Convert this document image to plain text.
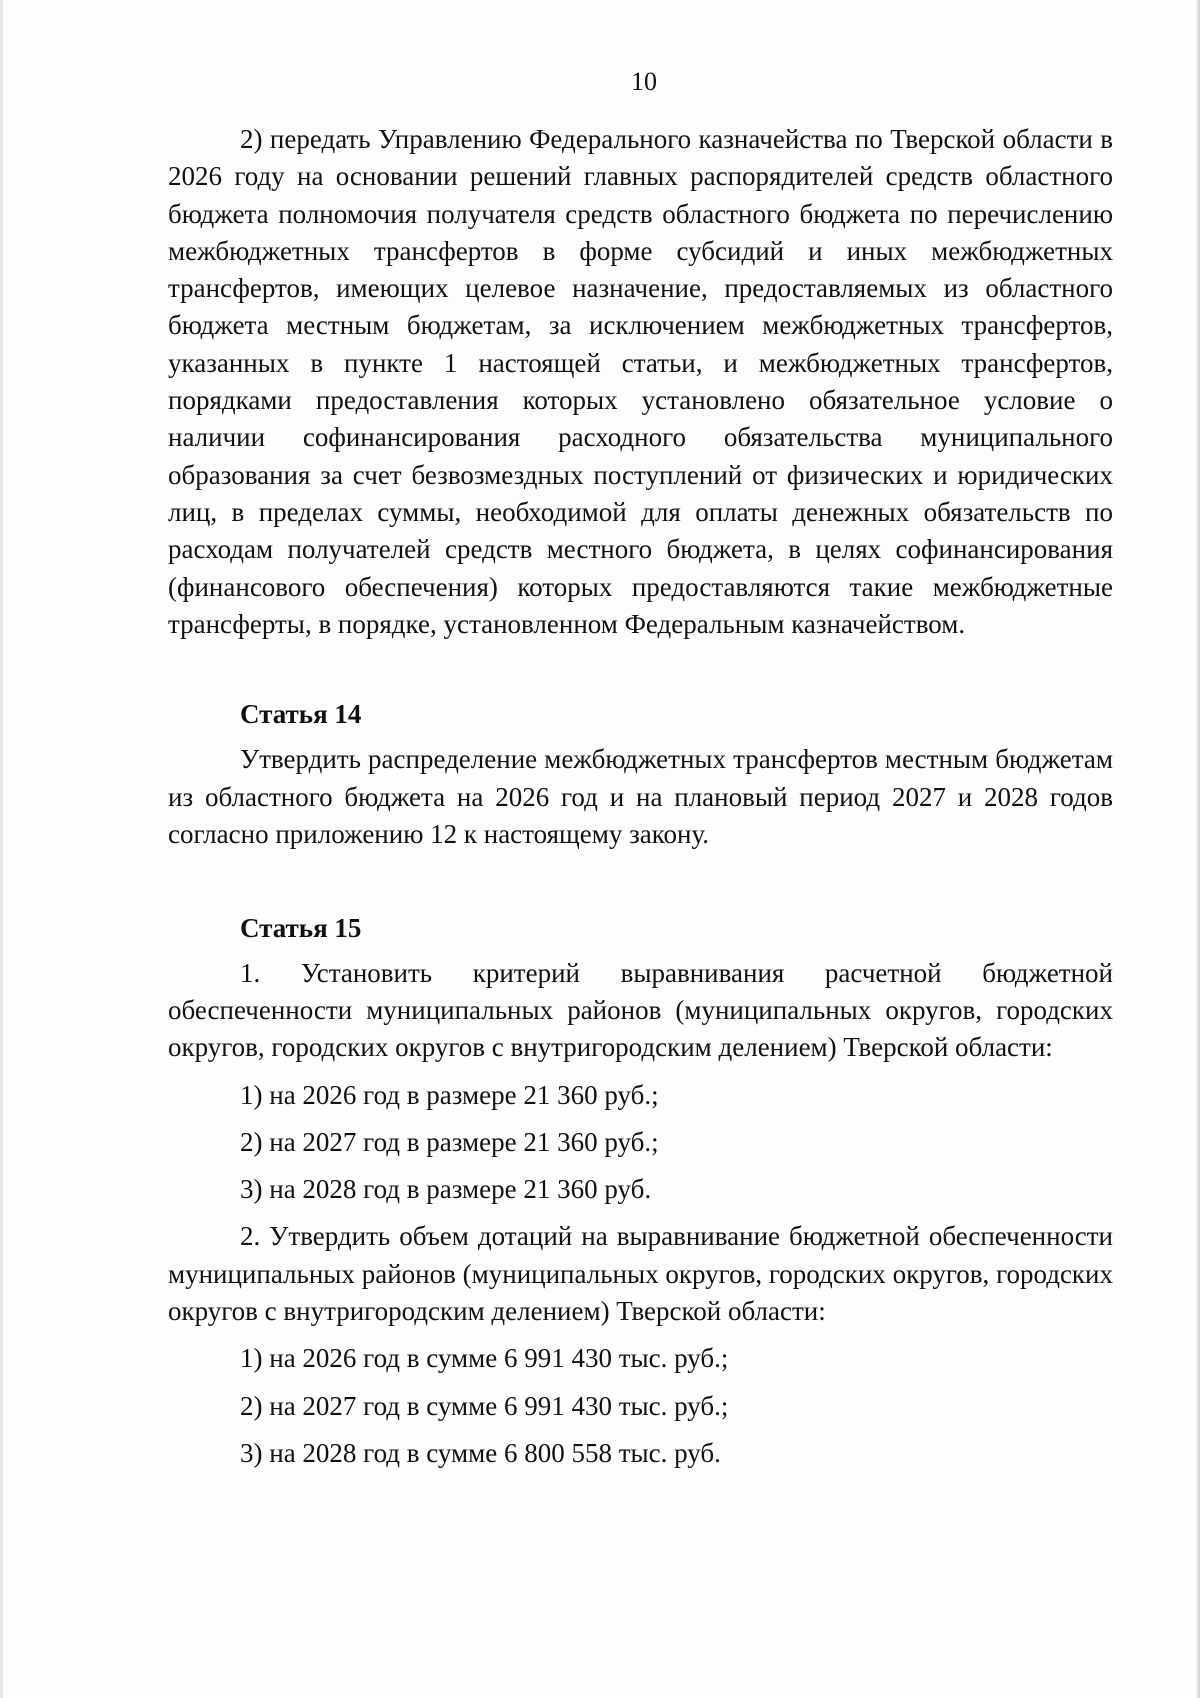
10

2) передать Управлению Федерального казначейства по Тверской области в 2026 году на основании решений главных распорядителей средств областного бюджета полномочия получателя средств областного бюджета по перечислению межбюджетных трансфертов в форме субсидий и иных межбюджетных трансфертов, имеющих целевое назначение, предоставляемых из областного бюджета местным бюджетам, за исключением межбюджетных трансфертов, указанных в пункте 1 настоящей статьи, и межбюджетных трансфертов, порядками предоставления которых установлено обязательное условие о наличии софинансирования расходного обязательства муниципального образования за счет безвозмездных поступлений от физических и юридических лиц, в пределах суммы, необходимой для оплаты денежных обязательств по расходам получателей средств местного бюджета, в целях софинансирования (финансового обеспечения) которых предоставляются такие межбюджетные трансферты, в порядке, установленном Федеральным казначейством.

Статья 14

Утвердить распределение межбюджетных трансфертов местным бюджетам из областного бюджета на 2026 год и на плановый период 2027 и 2028 годов согласно приложению 12 к настоящему закону.

Статья 15

1. Установить критерий выравнивания расчетной бюджетной обеспеченности муниципальных районов (муниципальных округов, городских округов, городских округов с внутригородским делением) Тверской области:

1) на 2026 год в размере 21 360 руб.;

2) на 2027 год в размере 21 360 руб.;

3) на 2028 год в размере 21 360 руб.

2. Утвердить объем дотаций на выравнивание бюджетной обеспеченности муниципальных районов (муниципальных округов, городских округов, городских округов с внутригородским делением) Тверской области:

1) на 2026 год в сумме 6 991 430 тыс. руб.;

2) на 2027 год в сумме 6 991 430 тыс. руб.;

3) на 2028 год в сумме 6 800 558 тыс. руб.
